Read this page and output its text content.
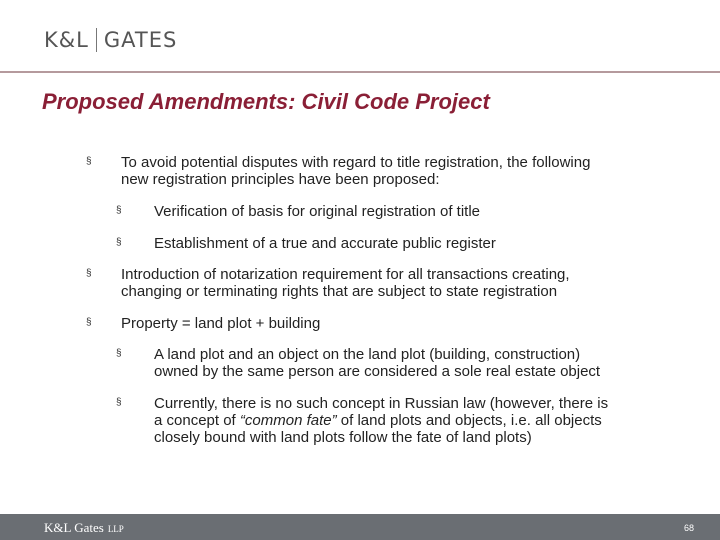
K&L GATES
Proposed Amendments: Civil Code Project
§ To avoid potential disputes with regard to title registration, the following
new registration principles have been proposed:
§ Verification of basis for original registration of title
§ Establishment of a true and accurate public register
§ Introduction of notarization requirement for all transactions creating,
changing or terminating rights that are subject to state registration
§ Property = land plot + building
§ A land plot and an object on the land plot (building, construction)
owned by the same person are considered a sole real estate object
§ Currently, there is no such concept in Russian law (however, there is
a concept of “common fate” of land plots and objects, i.e. all objects
closely bound with land plots follow the fate of land plots)
K&L Gates LLP	68
